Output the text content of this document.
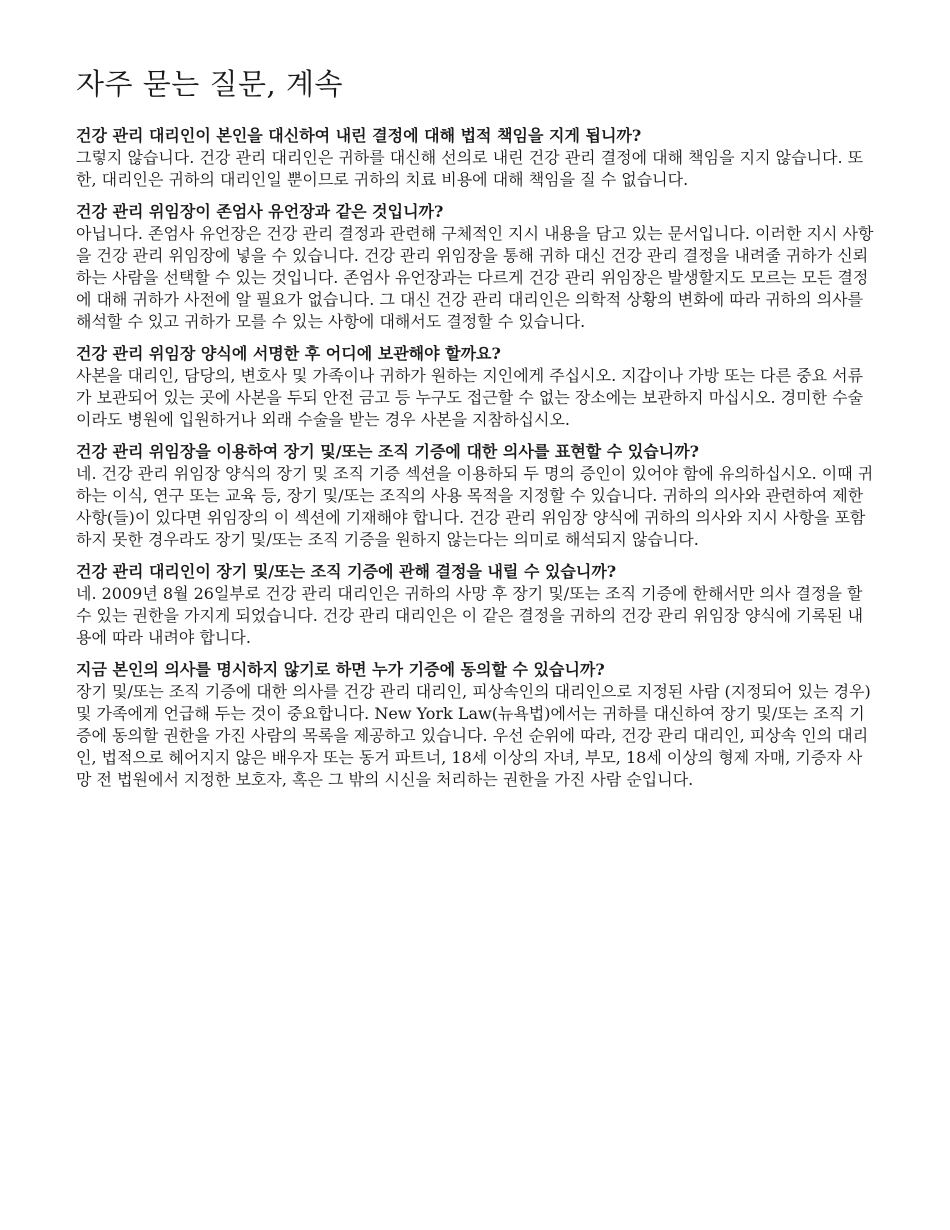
자주 묻는 질문, 계속

건강 관리 대리인이 본인을 대신하여 내린 결정에 대해 법적 책임을 지게 됩니까?

그렇지 않습니다. 건강 관리 대리인은 귀하를 대신해 선의로 내린 건강 관리 결정에 대해 책임을 지지 않습니다. 또한, 대리인은 귀하의 대리인일 뿐이므로 귀하의 치료 비용에 대해 책임을 질 수 없습니다.

건강 관리 위임장이 존엄사 유언장과 같은 것입니까?

아닙니다. 존엄사 유언장은 건강 관리 결정과 관련해 구체적인 지시 내용을 담고 있는 문서입니다. 이러한 지시 사항을 건강 관리 위임장에 넣을 수 있습니다. 건강 관리 위임장을 통해 귀하 대신 건강 관리 결정을 내려줄 귀하가 신뢰하는 사람을 선택할 수 있는 것입니다. 존엄사 유언장과는 다르게 건강 관리 위임장은 발생할지도 모르는 모든 결정에 대해 귀하가 사전에 알 필요가 없습니다. 그 대신 건강 관리 대리인은 의학적 상황의 변화에 따라 귀하의 의사를 해석할 수 있고 귀하가 모를 수 있는 사항에 대해서도 결정할 수 있습니다.

건강 관리 위임장 양식에 서명한 후 어디에 보관해야 할까요?

사본을 대리인, 담당의, 변호사 및 가족이나 귀하가 원하는 지인에게 주십시오. 지갑이나 가방 또는 다른 중요 서류가 보관되어 있는 곳에 사본을 두되 안전 금고 등 누구도 접근할 수 없는 장소에는 보관하지 마십시오. 경미한 수술이라도 병원에 입원하거나 외래 수술을 받는 경우 사본을 지참하십시오.

건강 관리 위임장을 이용하여 장기 및/또는 조직 기증에 대한 의사를 표현할 수 있습니까?

네. 건강 관리 위임장 양식의 장기 및 조직 기증 섹션을 이용하되 두 명의 증인이 있어야 함에 유의하십시오. 이때 귀하는 이식, 연구 또는 교육 등, 장기 및/또는 조직의 사용 목적을 지정할 수 있습니다. 귀하의 의사와 관련하여 제한 사항(들)이 있다면 위임장의 이 섹션에 기재해야 합니다. 건강 관리 위임장 양식에 귀하의 의사와 지시 사항을 포함하지 못한 경우라도 장기 및/또는 조직 기증을 원하지 않는다는 의미로 해석되지 않습니다.

건강 관리 대리인이 장기 및/또는 조직 기증에 관해 결정을 내릴 수 있습니까?

네. 2009년 8월 26일부로 건강 관리 대리인은 귀하의 사망 후 장기 및/또는 조직 기증에 한해서만 의사 결정을 할 수 있는 권한을 가지게 되었습니다. 건강 관리 대리인은 이 같은 결정을 귀하의 건강 관리 위임장 양식에 기록된 내용에 따라 내려야 합니다.

지금 본인의 의사를 명시하지 않기로 하면 누가 기증에 동의할 수 있습니까?

장기 및/또는 조직 기증에 대한 의사를 건강 관리 대리인, 피상속인의 대리인으로 지정된 사람 (지정되어 있는 경우) 및 가족에게 언급해 두는 것이 중요합니다. New York Law(뉴욕법)에서는 귀하를 대신하여 장기 및/또는 조직 기증에 동의할 권한을 가진 사람의 목록을 제공하고 있습니다. 우선 순위에 따라, 건강 관리 대리인, 피상속 인의 대리인, 법적으로 헤어지지 않은 배우자 또는 동거 파트너, 18세 이상의 자녀, 부모, 18세 이상의 형제 자매, 기증자 사망 전 법원에서 지정한 보호자, 혹은 그 밖의 시신을 처리하는 권한을 가진 사람 순입니다.
